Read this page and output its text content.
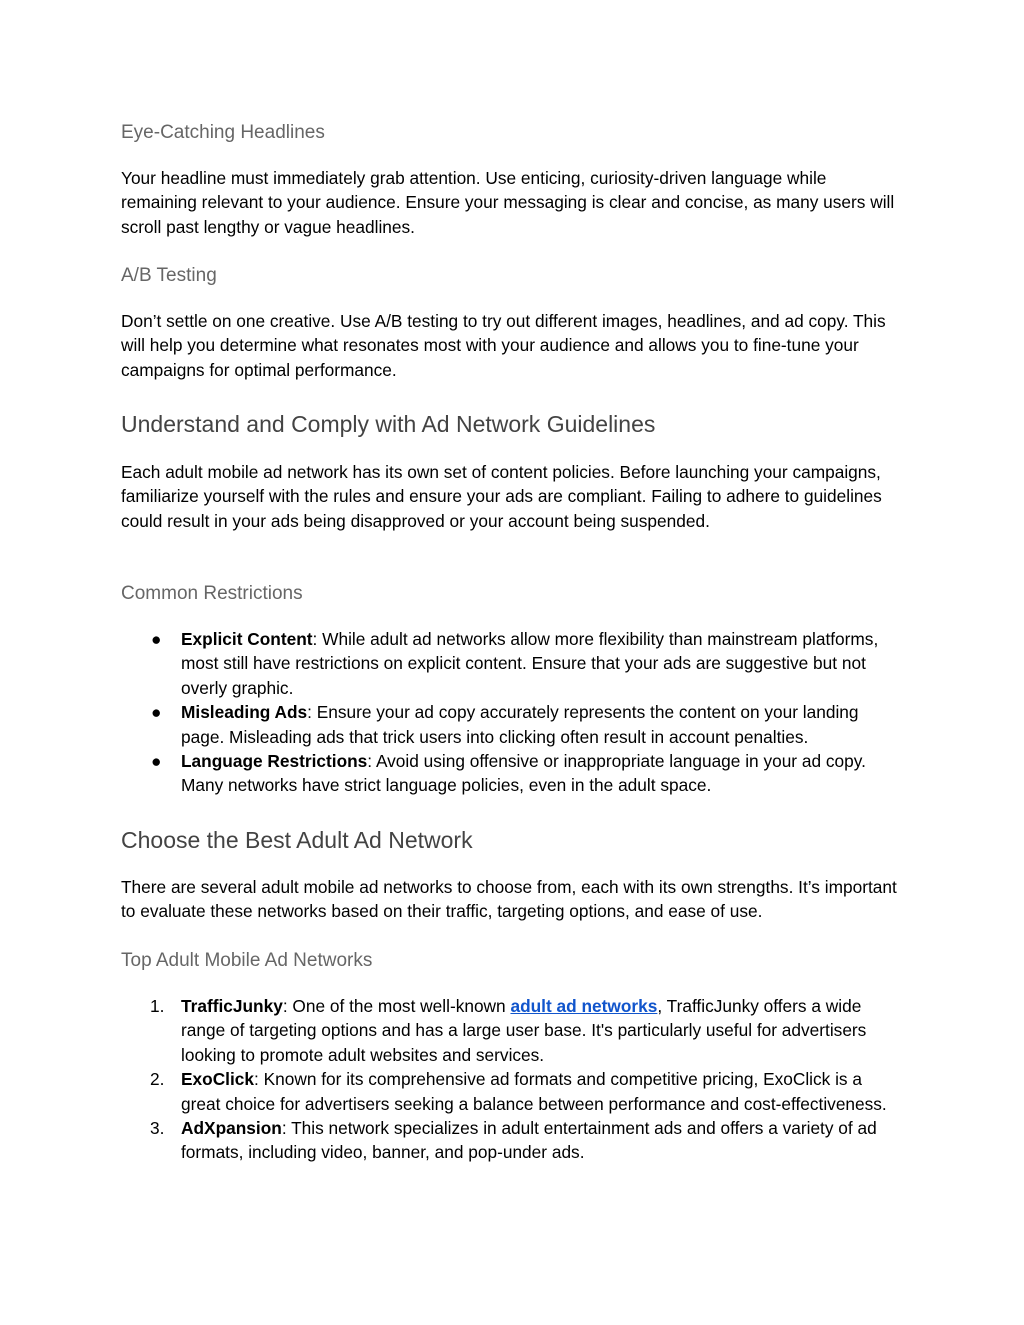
Eye-Catching Headlines

Your headline must immediately grab attention. Use enticing, curiosity-driven language while remaining relevant to your audience. Ensure your messaging is clear and concise, as many users will scroll past lengthy or vague headlines.

A/B Testing

Don’t settle on one creative. Use A/B testing to try out different images, headlines, and ad copy. This will help you determine what resonates most with your audience and allows you to fine-tune your campaigns for optimal performance.

Understand and Comply with Ad Network Guidelines

Each adult mobile ad network has its own set of content policies. Before launching your campaigns, familiarize yourself with the rules and ensure your ads are compliant. Failing to adhere to guidelines could result in your ads being disapproved or your account being suspended.

Common Restrictions
● Explicit Content: While adult ad networks allow more flexibility than mainstream platforms, most still have restrictions on explicit content. Ensure that your ads are suggestive but not overly graphic.
● Misleading Ads: Ensure your ad copy accurately represents the content on your landing page. Misleading ads that trick users into clicking often result in account penalties.
● Language Restrictions: Avoid using offensive or inappropriate language in your ad copy. Many networks have strict language policies, even in the adult space.
Choose the Best Adult Ad Network

There are several adult mobile ad networks to choose from, each with its own strengths. It’s important to evaluate these networks based on their traffic, targeting options, and ease of use.

Top Adult Mobile Ad Networks
1. TrafficJunky: One of the most well-known adult ad networks, TrafficJunky offers a wide range of targeting options and has a large user base. It's particularly useful for advertisers looking to promote adult websites and services.
2. ExoClick: Known for its comprehensive ad formats and competitive pricing, ExoClick is a great choice for advertisers seeking a balance between performance and cost-effectiveness.
3. AdXpansion: This network specializes in adult entertainment ads and offers a variety of ad formats, including video, banner, and pop-under ads.
